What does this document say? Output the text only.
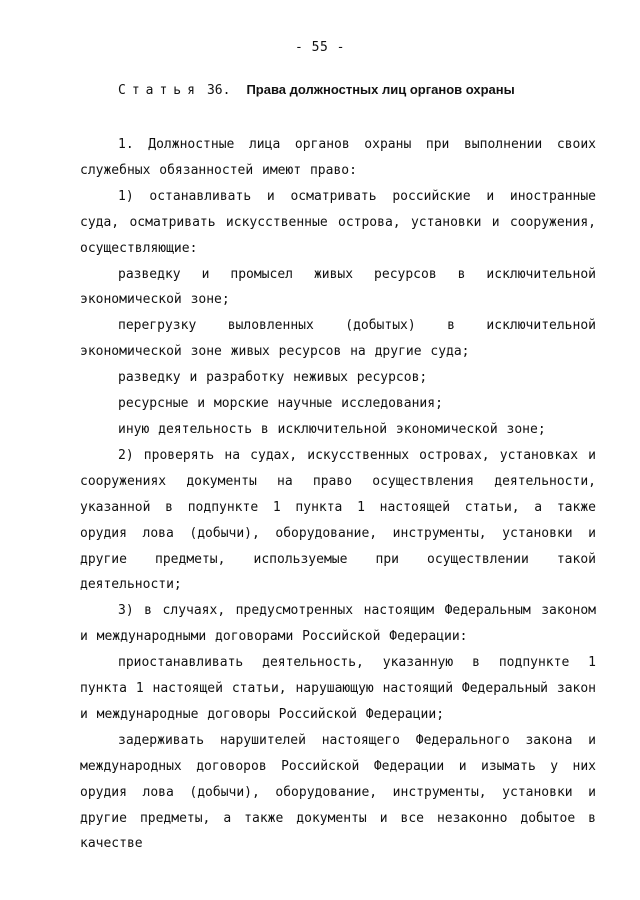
- 55 -
Статья 36. Права должностных лиц органов охраны

1. Должностные лица органов охраны при выполнении своих служебных обязанностей имеют право:

1) останавливать и осматривать российские и иностранные суда, осматривать искусственные острова, установки и сооружения, осуществляющие:

разведку и промысел живых ресурсов в исключительной экономической зоне;

перегрузку выловленных (добытых) в исключительной экономической зоне живых ресурсов на другие суда;

разведку и разработку неживых ресурсов;

ресурсные и морские научные исследования;

иную деятельность в исключительной экономической зоне;

2) проверять на судах, искусственных островах, установках и сооружениях документы на право осуществления деятельности, указанной в подпункте 1 пункта 1 настоящей статьи, а также орудия лова (добычи), оборудование, инструменты, установки и другие предметы, используемые при осуществлении такой деятельности;

3) в случаях, предусмотренных настоящим Федеральным законом и международными договорами Российской Федерации:

приостанавливать деятельность, указанную в подпункте 1 пункта 1 настоящей статьи, нарушающую настоящий Федеральный закон и международные договоры Российской Федерации;

задерживать нарушителей настоящего Федерального закона и международных договоров Российской Федерации и изымать у них орудия лова (добычи), оборудование, инструменты, установки и другие предметы, а также документы и все незаконно добытое в качестве
